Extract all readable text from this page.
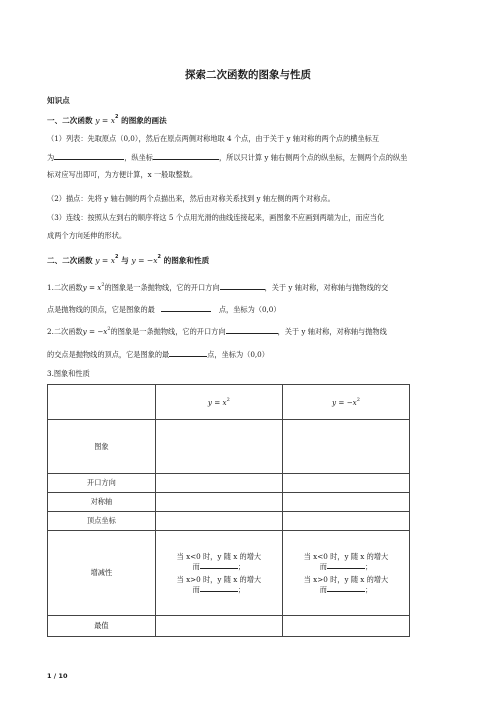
探索二次函数的图象与性质
知识点
一、二次函数 $y = x^2$ 的图象的画法
（1）列表：先取原点（0,0），然后在原点两侧对称地取 4 个点，由于关于 y 轴对称的两个点的横坐标互
为	，纵坐标	，所以只计算 y 轴右侧两个点的纵坐标，左侧两个点的纵坐
标对应写出即可，为方便计算，x 一般取整数。
（2）描点：先将 y 轴右侧的两个点描出来，然后由对称关系找到 y 轴左侧的两个对称点。
（3）连线：按照从左到右的顺序将这 5 个点用光滑的曲线连接起来，画图象不应画到两端为止，而应当化
成两个方向延伸的形状。
二、二次函数 $y = x^2$ 与 $y = -x^2$ 的图象和性质
1.二次函数$y = x^2$的图象是一条抛物线，它的开口方向	，关于 y 轴对称，对称轴与抛物线的交
点是抛物线的顶点，它是图象的最	点，坐标为（0,0）
2.二次函数$y = -x^2$的图象是一条抛物线，它的开口方向	，关于 y 轴对称，对称轴与抛物线
的交点是抛物线的顶点，它是图象的最	点，坐标为（0,0）
3.图象和性质
	$y = x^2$	$y = -x^2$
图象		
开口方向		
对称轴		
顶点坐标		
增减性	当 x<0 时，y 随 x 的增大
而 ；
当 x>0 时，y 随 x 的增大
而 ；	当 x<0 时，y 随 x 的增大
而 ；
当 x>0 时，y 随 x 的增大
而 ；

最值		
1 / 10
